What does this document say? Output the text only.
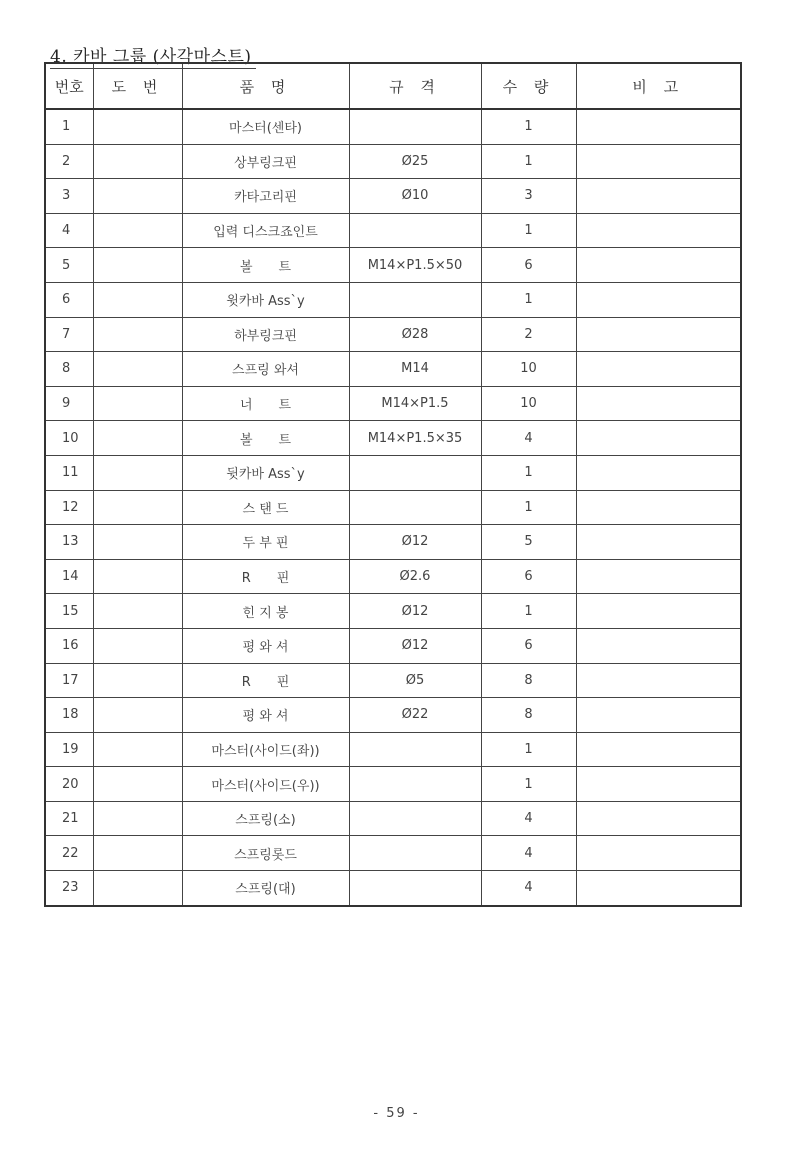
4. 카바 그룹 (사각마스트)
번호	도 번	품 명	규 격	수 량	비 고
1		마스터(센타)		1	
2		상부링크핀	Ø25	1	
3		카타고리핀	Ø10	3	
4		입력 디스크죠인트		1	
5		볼　　트	M14×P1.5×50	6	
6		윗카바 Ass`y		1	
7		하부링크핀	Ø28	2	
8		스프링 와셔	M14	10	
9		너　　트	M14×P1.5	10	
10		볼　　트	M14×P1.5×35	4	
11		뒷카바 Ass`y		1	
12		스 탠 드		1	
13		두 부 핀	Ø12	5	
14		R　　핀	Ø2.6	6	
15		힌 지 봉	Ø12	1	
16		평 와 셔	Ø12	6	
17		R　　핀	Ø5	8	
18		평 와 셔	Ø22	8	
19		마스터(사이드(좌))		1	
20		마스터(사이드(우))		1	
21		스프링(소)		4	
22		스프링롯드		4	
23		스프링(대)		4	
- 59 -
